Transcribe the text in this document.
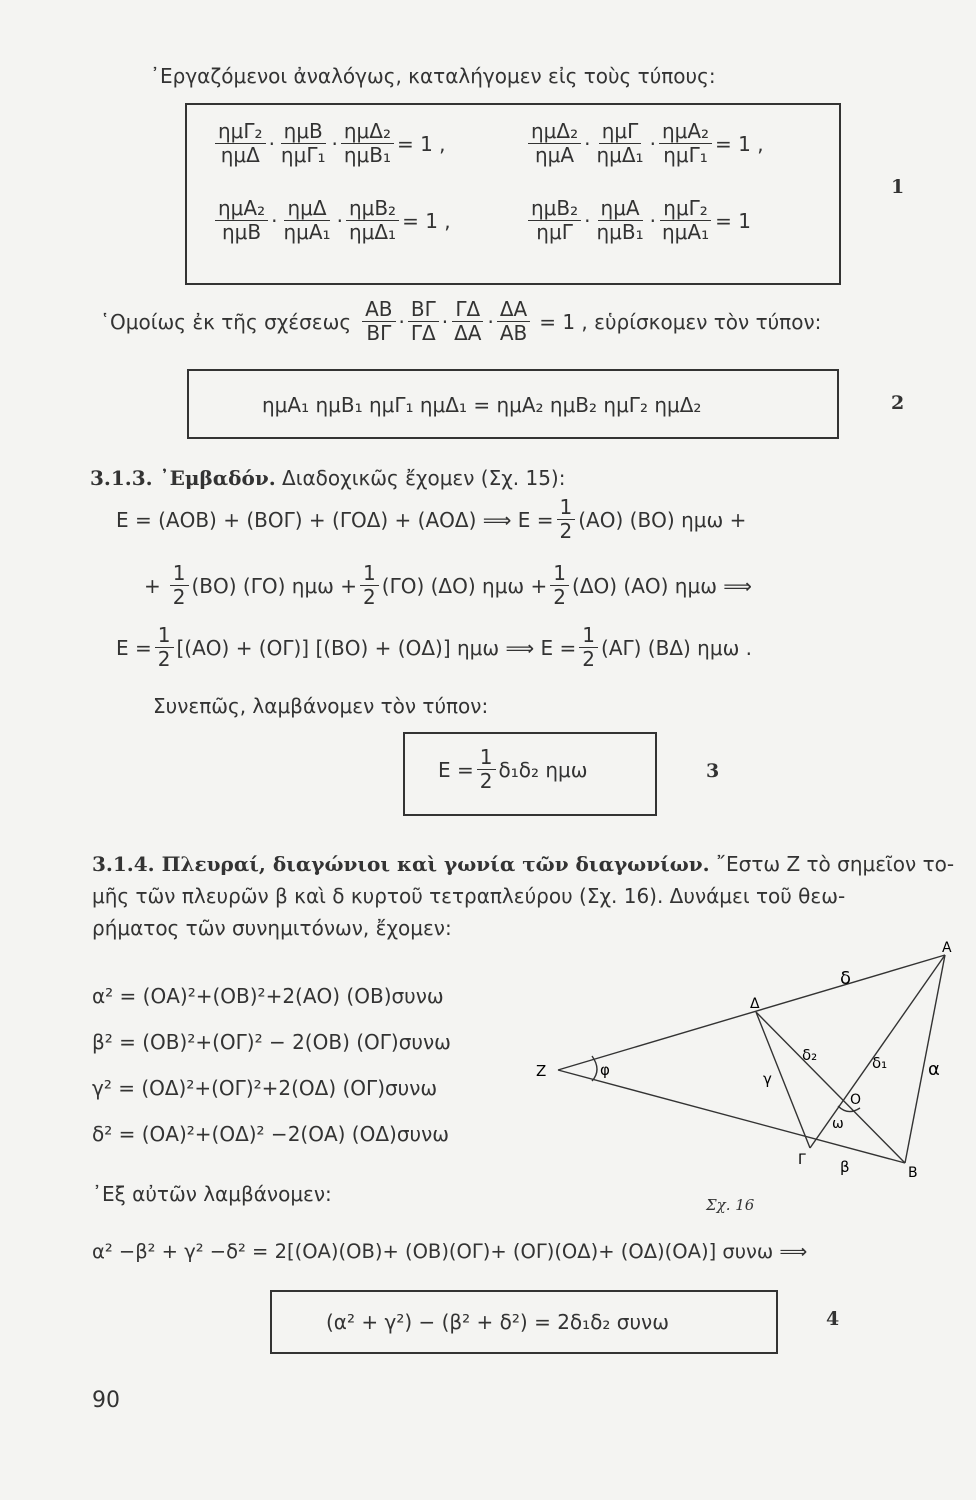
᾿Εργαζόμενοι ἀναλόγως, καταλήγομεν εἰς τοὺς τύπους:
ημΓ₂
ημΔ ·
ημΒ
ημΓ₁ ·
ημΔ₂
ημΒ₁ = 1 ,
ημΔ₂
ημΑ ·
ημΓ
ημΔ₁ ·
ημΑ₂
ημΓ₁ = 1 ,
ημΑ₂
ημΒ ·
ημΔ
ημΑ₁ ·
ημΒ₂
ημΔ₁ = 1 ,
ημΒ₂
ημΓ ·
ημΑ
ημΒ₁ ·
ημΓ₂
ημΑ₁ = 1
1
῾Ομοίως ἐκ τῆς σχέσεως
ΑΒ
ΒΓ ·
ΒΓ
ΓΔ ·
ΓΔ
$\Delta A \cdot \frac{\Delta A}{AB} = 1$ , εὑρίσκομεν τὸν τύπον:
ημΑ₁ ημΒ₁ ημΓ₁ ημΔ₁ = ημΑ₂ ημΒ₂ ημΓ₂ ημΔ₂	2
3.1.3. ᾿Εμβαδόν. Διαδοχικῶς ἔχομεν (Σχ. 15):
Ε = (ΑΟΒ) + (ΒΟΓ) + (ΓΟΔ) + (ΑΟΔ) ⟹ $E = \frac{1}{2} (AO)$ (ΒΟ) ημω +
+ $\frac{1}{2} (BO)$ (ΓΟ) $\eta\mu\omega + \frac{1}{2} (\Gamma O)$ (ΔΟ) $\eta\mu\omega + \frac{1}{2} (\Delta O)$ (ΑΟ) ημω ⟹
$E = \frac{1}{2} [(AO) + (O\Gamma)] [(BO) + (O\Delta)]$ ημω ⟹ $E = \frac{1}{2} (A\Gamma)$ (ΒΔ) ημω .
Συνεπῶς, λαμβάνομεν τὸν τύπον:
$E = \frac{1}{2} \delta_1\delta_2$ ημω	3
3.1.4. Πλευραί, διαγώνιοι καὶ γωνία τῶν διαγωνίων. ῎Εστω Ζ τὸ σημεῖον το-
μῆς τῶν πλευρῶν β καὶ δ κυρτοῦ τετραπλεύρου (Σχ. 16). Δυνάμει τοῦ θεω-
ρήματος τῶν συνημιτόνων, ἔχομεν:
α² = (ΟΑ)²+(ΟΒ)²+2(ΑΟ) (ΟΒ)συνω
β² = (ΟΒ)²+(ΟΓ)² − 2(ΟΒ) (ΟΓ)συνω
γ² = (ΟΔ)²+(ΟΓ)²+2(ΟΔ) (ΟΓ)συνω
δ² = (ΟΑ)²+(ΟΔ)² −2(ΟΑ) (ΟΔ)συνω
᾿Εξ αὐτῶν λαμβάνομεν:
Α
Β
Γ
Δ
Ο
Ζ	φ
δ
α
β
γ
δ₁
δ₂
ω
Σχ. 16
α² −β² + γ² −δ² = 2[(ΟΑ)(ΟΒ)+ (ΟΒ)(ΟΓ)+ (ΟΓ)(ΟΔ)+ (ΟΔ)(ΟΑ)] συνω ⟹
(α² + γ²) − (β² + δ²) = 2δ₁δ₂ συνω	4
90
